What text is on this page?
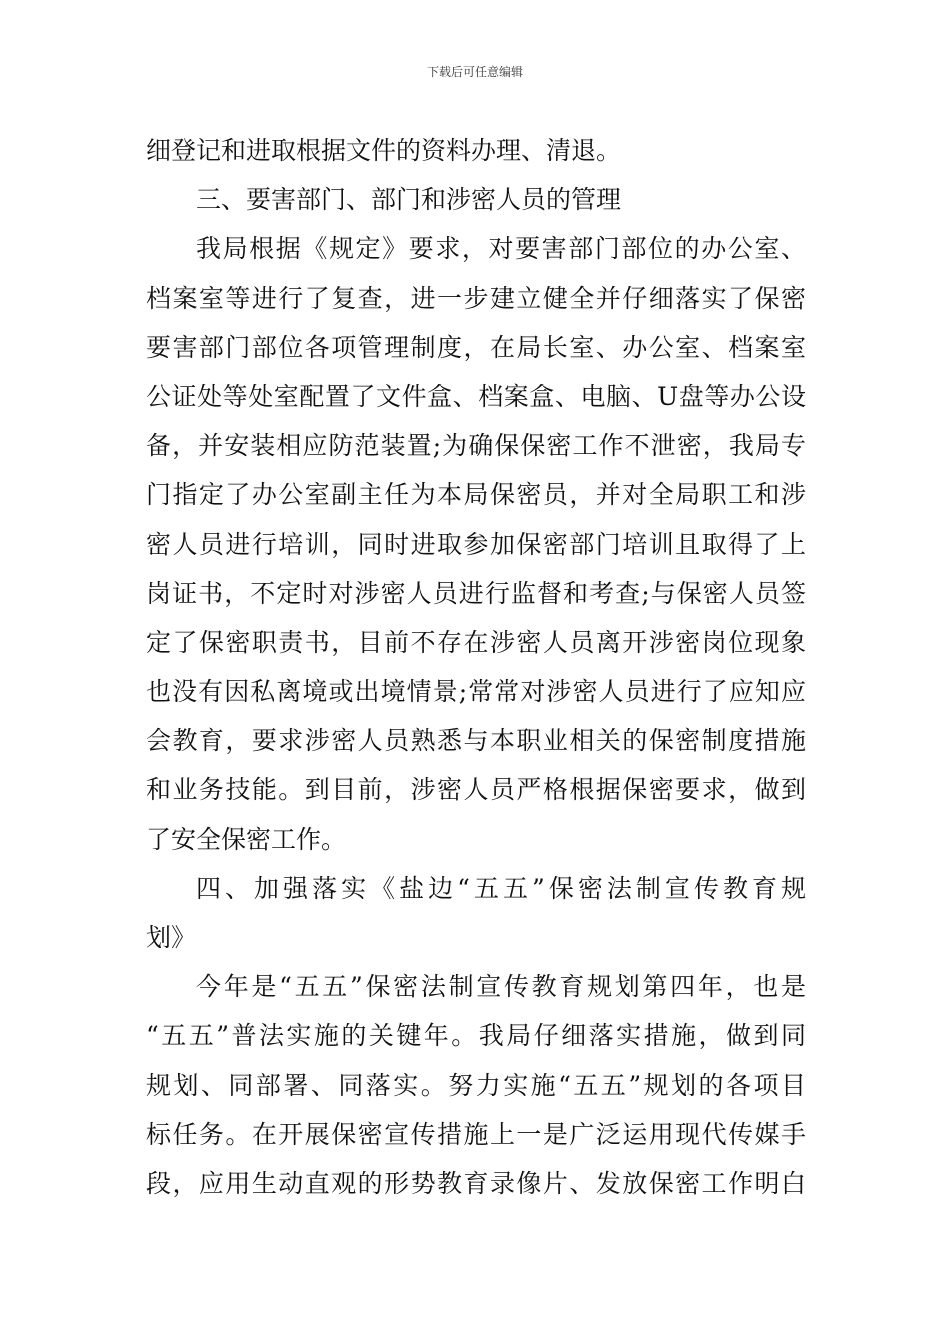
下载后可任意编辑
细登记和进取根据文件的资料办理、清退。
三、要害部门、部门和涉密人员的管理
我局根据《规定》要求，对要害部门部位的办公室、
档案室等进行了复查，进一步建立健全并仔细落实了保密
要害部门部位各项管理制度，在局长室、办公室、档案室
公证处等处室配置了文件盒、档案盒、电脑、U盘等办公设
备，并安装相应防范装置;为确保保密工作不泄密，我局专
门指定了办公室副主任为本局保密员，并对全局职工和涉
密人员进行培训，同时进取参加保密部门培训且取得了上
岗证书，不定时对涉密人员进行监督和考查;与保密人员签
定了保密职责书，目前不存在涉密人员离开涉密岗位现象
也没有因私离境或出境情景;常常对涉密人员进行了应知应
会教育，要求涉密人员熟悉与本职业相关的保密制度措施
和业务技能。到目前，涉密人员严格根据保密要求，做到
了安全保密工作。
四、加强落实《盐边“五五”保密法制宣传教育规
划》
今年是“五五”保密法制宣传教育规划第四年，也是
“五五”普法实施的关键年。我局仔细落实措施，做到同
规划、同部署、同落实。努力实施“五五”规划的各项目
标任务。在开展保密宣传措施上一是广泛运用现代传媒手
段，应用生动直观的形势教育录像片、发放保密工作明白
